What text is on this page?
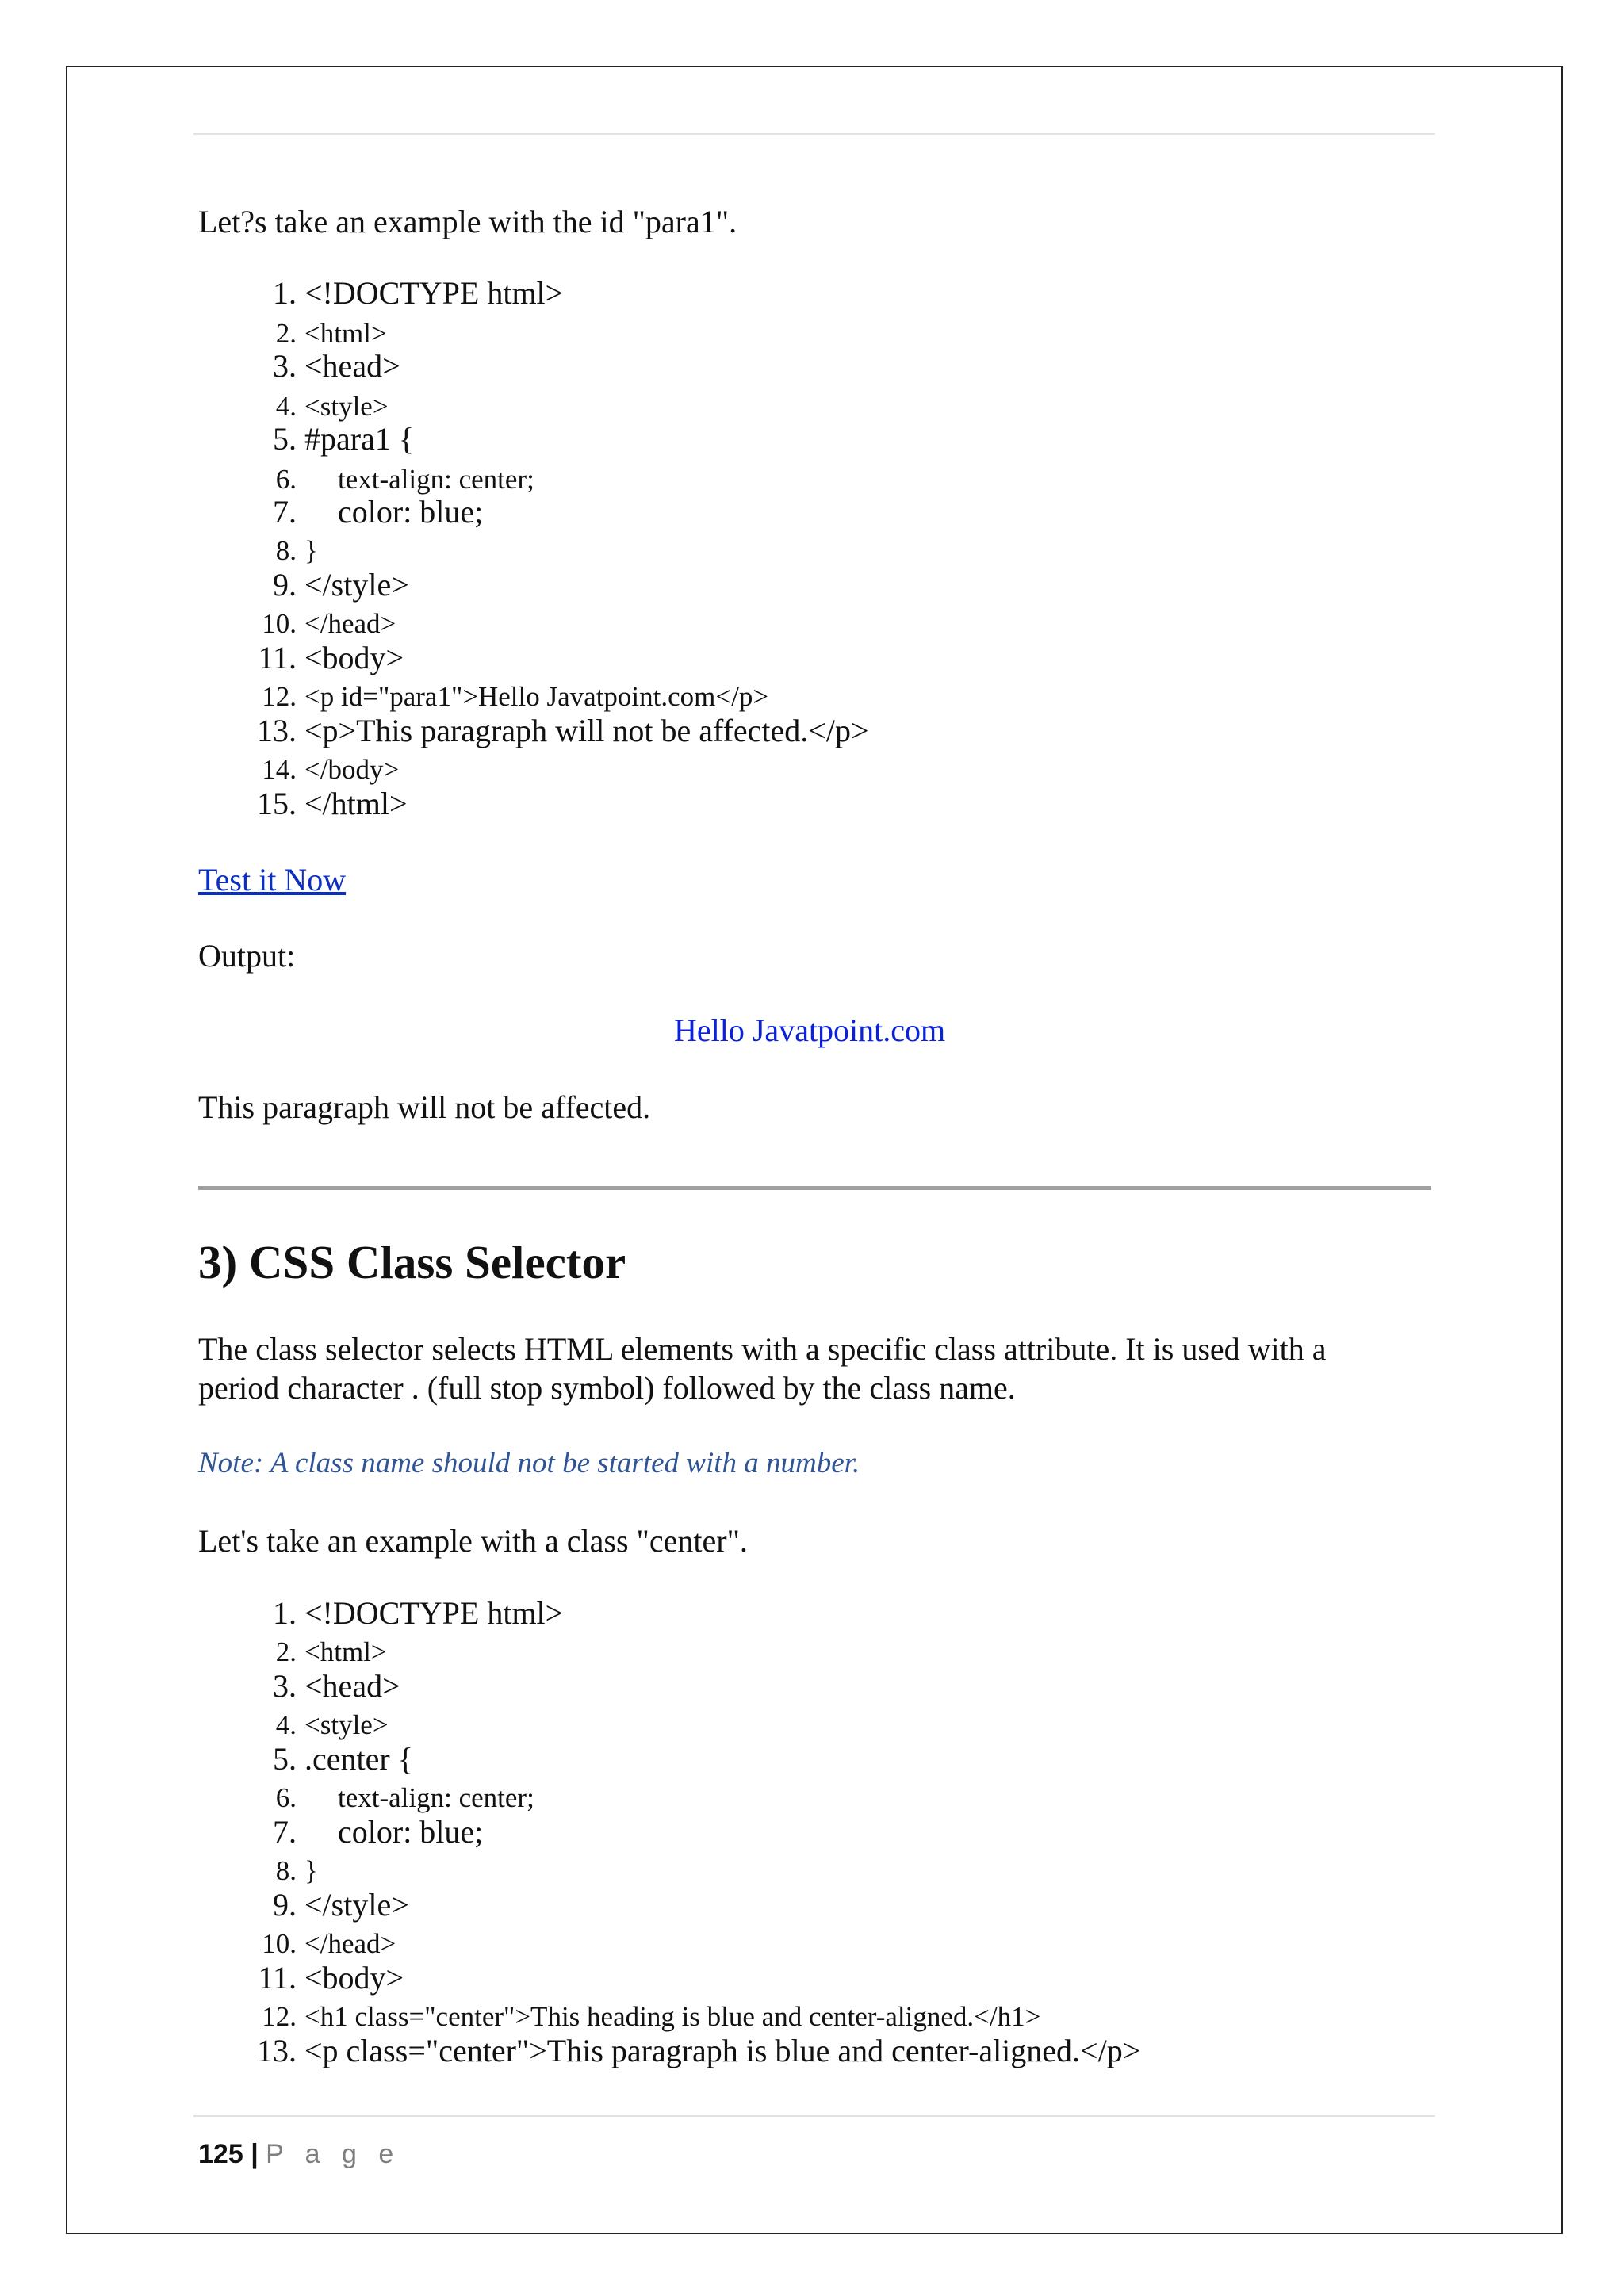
Let?s take an example with the id "para1".
1. <!DOCTYPE html>
2. <html>
3. <head>
4. <style>
5. #para1 {
6. text-align: center;
7. color: blue;
8. }
9. </style>
10. </head>
11. <body>
12. <p id="para1">Hello Javatpoint.com</p>
13. <p>This paragraph will not be affected.</p>
14. </body>
15. </html>
Test it Now
Output:
Hello Javatpoint.com
This paragraph will not be affected.
3) CSS Class Selector
The class selector selects HTML elements with a specific class attribute. It is used with a
period character . (full stop symbol) followed by the class name.
Note: A class name should not be started with a number.
Let's take an example with a class "center".
1. <!DOCTYPE html>
2. <html>
3. <head>
4. <style>
5. .center {
6. text-align: center;
7. color: blue;
8. }
9. </style>
10. </head>
11. <body>
12. <h1 class="center">This heading is blue and center-aligned.</h1>
13. <p class="center">This paragraph is blue and center-aligned.</p>
125 | P a g e
